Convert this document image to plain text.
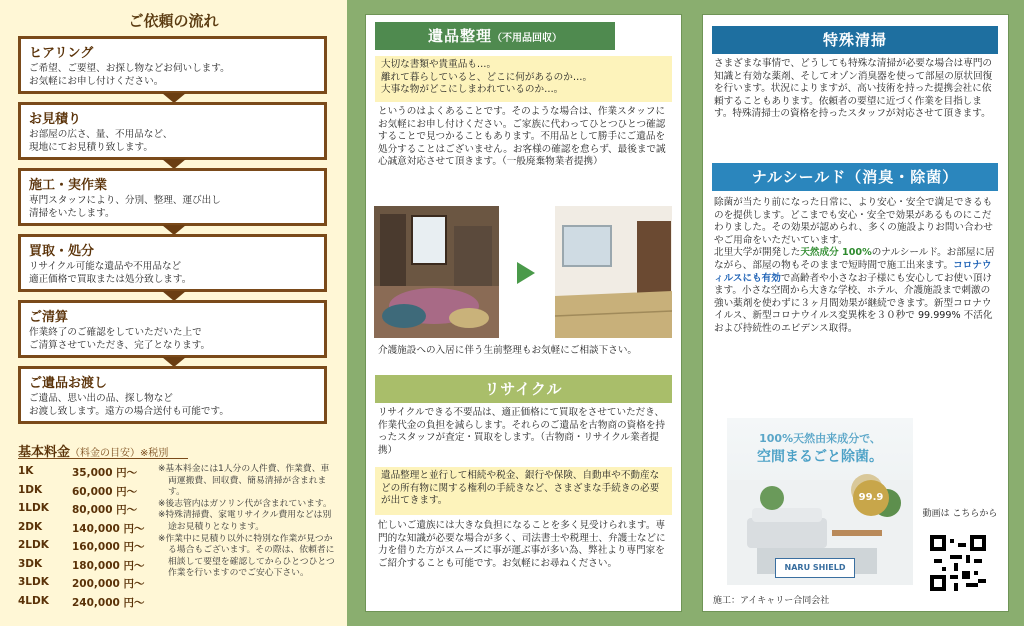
ご依頼の流れ
ヒアリング
ご希望、ご要望、お探し物などお伺いします。
お気軽にお申し付けください。
お見積り
お部屋の広さ、量、不用品など、
現地にてお見積り致します。
施工・実作業
専門スタッフにより、分別、整理、運び出し
清掃をいたします。
買取・処分
リサイクル可能な遺品や不用品など
適正価格で買取または処分致します。
ご清算
作業終了のご確認をしていただいた上で
ご清算させていただき、完了となります。
ご遺品お渡し
ご遺品、思い出の品、探し物など
お渡し致します。遠方の場合送付も可能です。
基本料金（料金の目安）※税別
1K	35,000 円〜
1DK	60,000 円〜
1LDK	80,000 円〜
2DK	140,000 円〜
2LDK	160,000 円〜
3DK	180,000 円〜
3LDK	200,000 円〜
4LDK	240,000 円〜

※基本料金には1人分の人件費、作業費、車両運搬費、回収費、簡易清掃が含まれます。

※後志管内はガソリン代が含まれています。

※特殊清掃費、家電リサイクル費用などは別途お見積りとなります。

※作業中に見積り以外に特別な作業が見つかる場合もございます。その際は、依頼者に相談して要望を確認してからひとつひとつ作業を行いますのでご安心下さい。

遺品整理（不用品回収）
大切な書類や貴重品も…。
離れて暮らしていると、どこに何があるのか…。
大事な物がどこにしまわれているのか…。
というのはよくあることです。そのような場合は、作業スタッフにお気軽にお申し付けください。ご家族に代わってひとつひとつ確認することで見つかることもあります。不用品として勝手にご遺品を処分することはございません。お客様の確認を怠らず、最後まで誠心誠意対応させて頂きます。（一般廃棄物業者提携）
介護施設への入居に伴う生前整理もお気軽にご相談下さい。
リサイクル
リサイクルできる不要品は、適正価格にて買取をさせていただき、作業代金の負担を減らします。それらのご遺品を古物商の資格を持ったスタッフが査定・買取をします。（古物商・リサイクル業者提携）
遺品整理と並行して相続や税金、銀行や保険、自動車や不動産などの所有物に関する権利の手続きなど、さまざまな手続きの必要が出てきます。
忙しいご遺族には大きな負担になることを多く見受けられます。専門的な知識が必要な場合が多く、司法書士や税理士、弁護士などに力を借りた方がスムーズに事が運ぶ事が多い為、弊社より専門家をご紹介することも可能です。お気軽にお尋ねください。
特殊清掃
さまざまな事情で、どうしても特殊な清掃が必要な場合は専門の知識と有効な薬剤、そしてオゾン消臭器を使って部屋の原状回復を行います。状況によりますが、高い技術を持った提携会社に依頼することもあります。依頼者の要望に近づく作業を目指します。特殊清掃士の資格を持ったスタッフが対応させて頂きます。
ナルシールド（消臭・除菌）
除菌が当たり前になった日常に、より安心・安全で満足できるものを提供します。どこまでも安心・安全で効果があるものにこだわりました。その効果が認められ、多くの施設よりお問い合わせやご用命をいただいています。
北里大学が開発した天然成分 100%のナルシールド。お部屋に居ながら、部屋の物もそのままで短時間で施工出来ます。コロナウィルスにも有効で高齢者や小さなお子様にも安心してお使い頂けます。小さな空間から大きな学校、ホテル、介護施設まで刺激の強い薬剤を使わずに３ヶ月間効果が継続できます。新型コロナウイルス、新型コロナウイルス変異株を３０秒で 99.999% 不活化および持続性のエビデンス取得。
100%天然由来成分で、
空間まるごと除菌。
99.9
NARU SHIELD
動画は こちらから
施工：アイキャリー合同会社
